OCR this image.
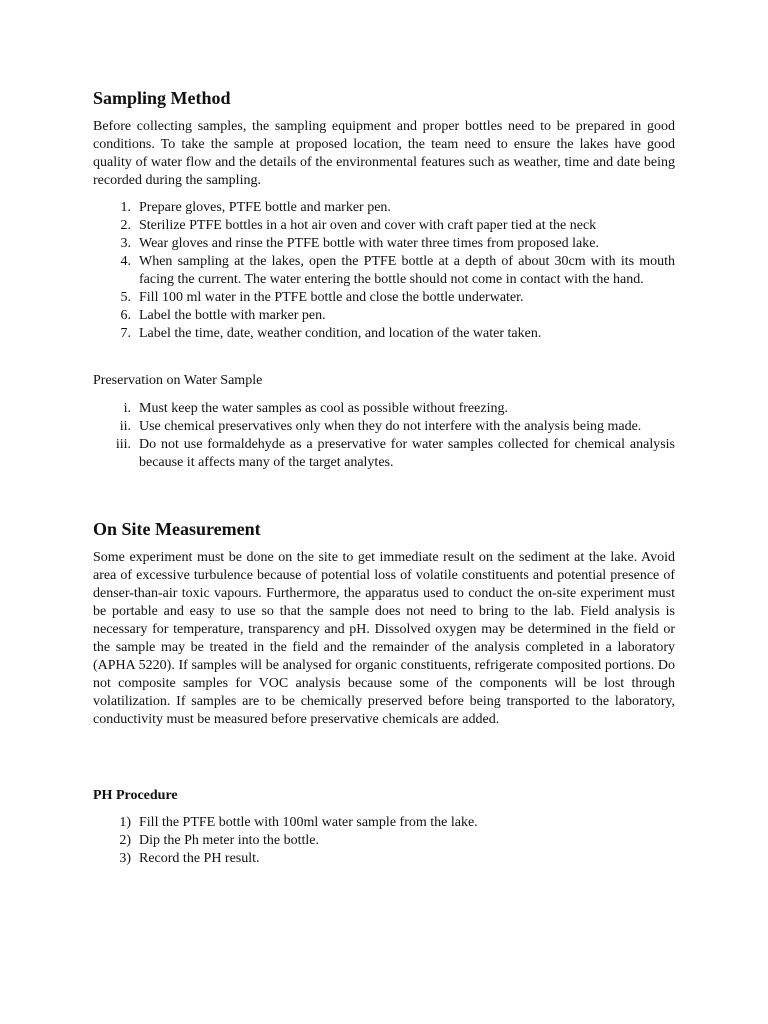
Sampling Method

Before collecting samples, the sampling equipment and proper bottles need to be prepared in good conditions. To take the sample at proposed location, the team need to ensure the lakes have good quality of water flow and the details of the environmental features such as weather, time and date being recorded during the sampling.

1. Prepare gloves, PTFE bottle and marker pen.
2. Sterilize PTFE bottles in a hot air oven and cover with craft paper tied at the neck
3. Wear gloves and rinse the PTFE bottle with water three times from proposed lake.
4. When sampling at the lakes, open the PTFE bottle at a depth of about 30cm with its mouth facing the current. The water entering the bottle should not come in contact with the hand.
5. Fill 100 ml water in the PTFE bottle and close the bottle underwater.
6. Label the bottle with marker pen.
7. Label the time, date, weather condition, and location of the water taken.

Preservation on Water Sample

i. Must keep the water samples as cool as possible without freezing.
ii. Use chemical preservatives only when they do not interfere with the analysis being made.
iii. Do not use formaldehyde as a preservative for water samples collected for chemical analysis because it affects many of the target analytes.
On Site Measurement

Some experiment must be done on the site to get immediate result on the sediment at the lake. Avoid area of excessive turbulence because of potential loss of volatile constituents and potential presence of denser-than-air toxic vapours. Furthermore, the apparatus used to conduct the on-site experiment must be portable and easy to use so that the sample does not need to bring to the lab. Field analysis is necessary for temperature, transparency and pH. Dissolved oxygen may be determined in the field or the sample may be treated in the field and the remainder of the analysis completed in a laboratory (APHA 5220). If samples will be analysed for organic constituents, refrigerate composited portions. Do not composite samples for VOC analysis because some of the components will be lost through volatilization. If samples are to be chemically preserved before being transported to the laboratory, conductivity must be measured before preservative chemicals are added.

PH Procedure

1) Fill the PTFE bottle with 100ml water sample from the lake.
2) Dip the Ph meter into the bottle.
3) Record the PH result.
